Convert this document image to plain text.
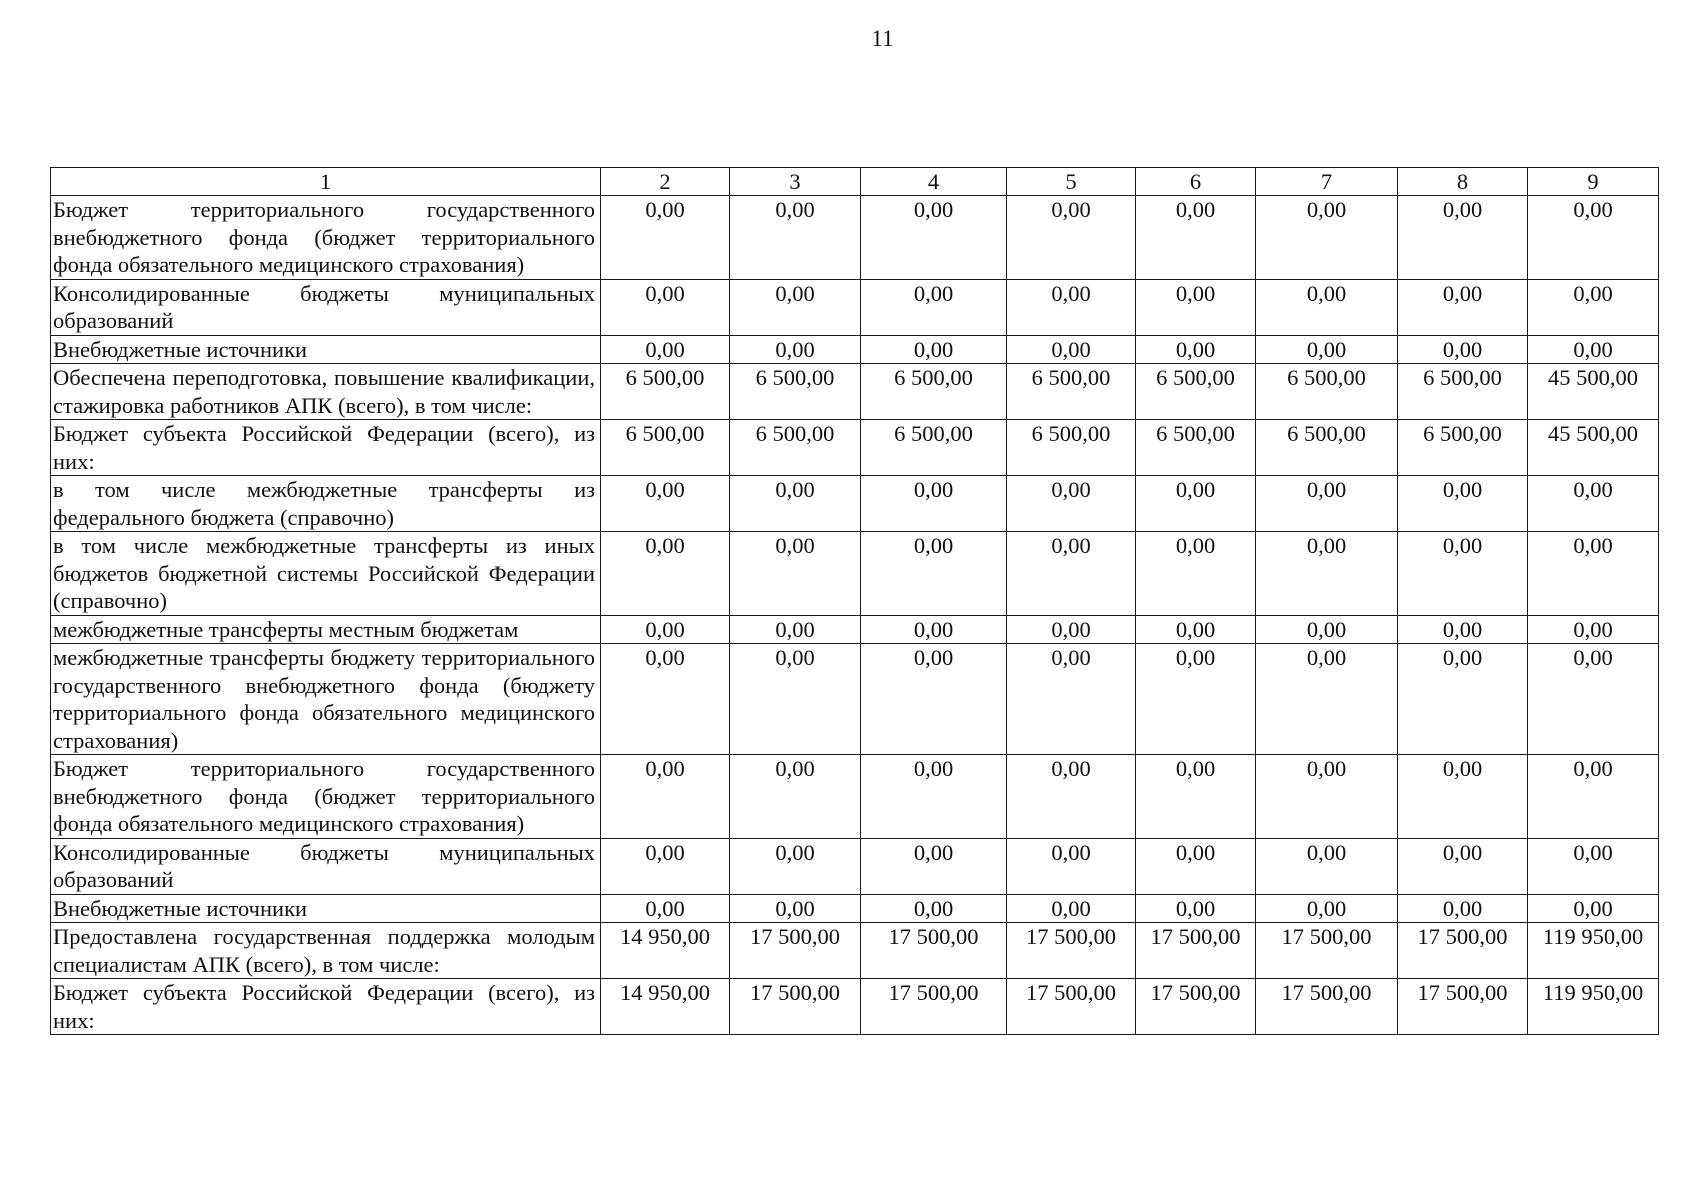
11
1	2	3	4	5	6	7	8	9
Бюджет территориального государственного внебюджетного фонда (бюджет территориального фонда обязательного медицинского страхования)	0,00	0,00	0,00	0,00	0,00	0,00	0,00	0,00
Консолидированные бюджеты муниципальных образований	0,00	0,00	0,00	0,00	0,00	0,00	0,00	0,00
Внебюджетные источники	0,00	0,00	0,00	0,00	0,00	0,00	0,00	0,00
Обеспечена переподготовка, повышение квалификации, стажировка работников АПК (всего), в том числе:	6 500,00	6 500,00	6 500,00	6 500,00	6 500,00	6 500,00	6 500,00	45 500,00
Бюджет субъекта Российской Федерации (всего), из них:	6 500,00	6 500,00	6 500,00	6 500,00	6 500,00	6 500,00	6 500,00	45 500,00
в том числе межбюджетные трансферты из федерального бюджета (справочно)	0,00	0,00	0,00	0,00	0,00	0,00	0,00	0,00
в том числе межбюджетные трансферты из иных бюджетов бюджетной системы Российской Федерации (справочно)	0,00	0,00	0,00	0,00	0,00	0,00	0,00	0,00
межбюджетные трансферты местным бюджетам	0,00	0,00	0,00	0,00	0,00	0,00	0,00	0,00
межбюджетные трансферты бюджету территориального государственного внебюджетного фонда (бюджету территориального фонда обязательного медицинского страхования)	0,00	0,00	0,00	0,00	0,00	0,00	0,00	0,00
Бюджет территориального государственного внебюджетного фонда (бюджет территориального фонда обязательного медицинского страхования)	0,00	0,00	0,00	0,00	0,00	0,00	0,00	0,00
Консолидированные бюджеты муниципальных образований	0,00	0,00	0,00	0,00	0,00	0,00	0,00	0,00
Внебюджетные источники	0,00	0,00	0,00	0,00	0,00	0,00	0,00	0,00
Предоставлена государственная поддержка молодым специалистам АПК (всего), в том числе:	14 950,00	17 500,00	17 500,00	17 500,00	17 500,00	17 500,00	17 500,00	119 950,00
Бюджет субъекта Российской Федерации (всего), из них:	14 950,00	17 500,00	17 500,00	17 500,00	17 500,00	17 500,00	17 500,00	119 950,00
